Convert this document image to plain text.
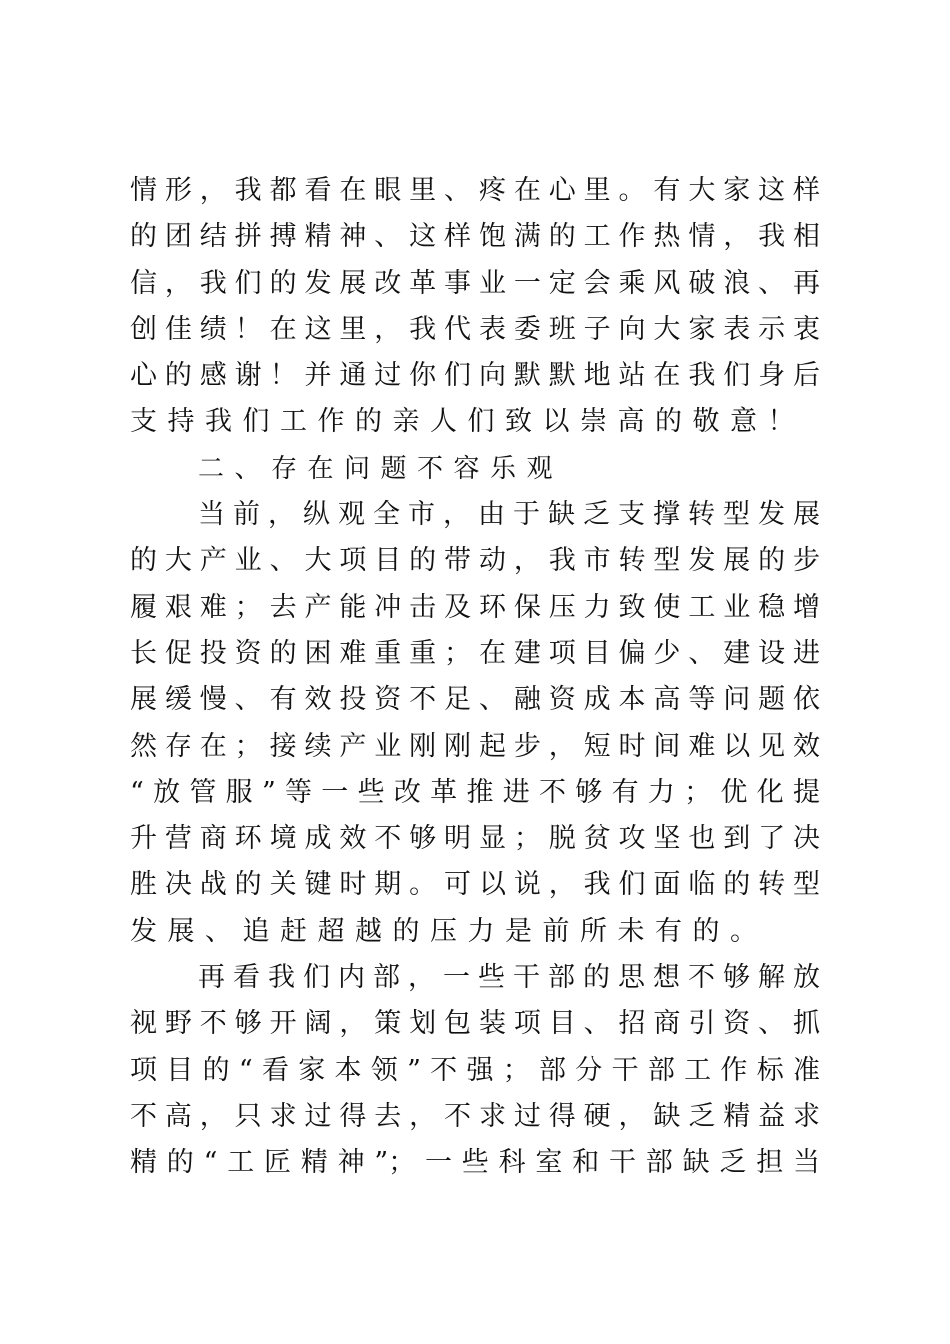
情形，我都看在眼里、疼在心里。有大家这样
的团结拼搏精神、这样饱满的工作热情，我相
信，我们的发展改革事业一定会乘风破浪、再
创佳绩！在这里，我代表委班子向大家表示衷
心的感谢！并通过你们向默默地站在我们身后
支持我们工作的亲人们致以崇高的敬意！
二、存在问题不容乐观
当前，纵观全市，由于缺乏支撑转型发展
的大产业、大项目的带动，我市转型发展的步
履艰难；去产能冲击及环保压力致使工业稳增
长促投资的困难重重；在建项目偏少、建设进
展缓慢、有效投资不足、融资成本高等问题依
然存在；接续产业刚刚起步，短时间难以见效
“放管服”等一些改革推进不够有力；优化提
升营商环境成效不够明显；脱贫攻坚也到了决
胜决战的关键时期。可以说，我们面临的转型
发展、追赶超越的压力是前所未有的。
再看我们内部，一些干部的思想不够解放
视野不够开阔，策划包装项目、招商引资、抓
项目的“看家本领”不强；部分干部工作标准
不高，只求过得去，不求过得硬，缺乏精益求
精的“工匠精神”；一些科室和干部缺乏担当
